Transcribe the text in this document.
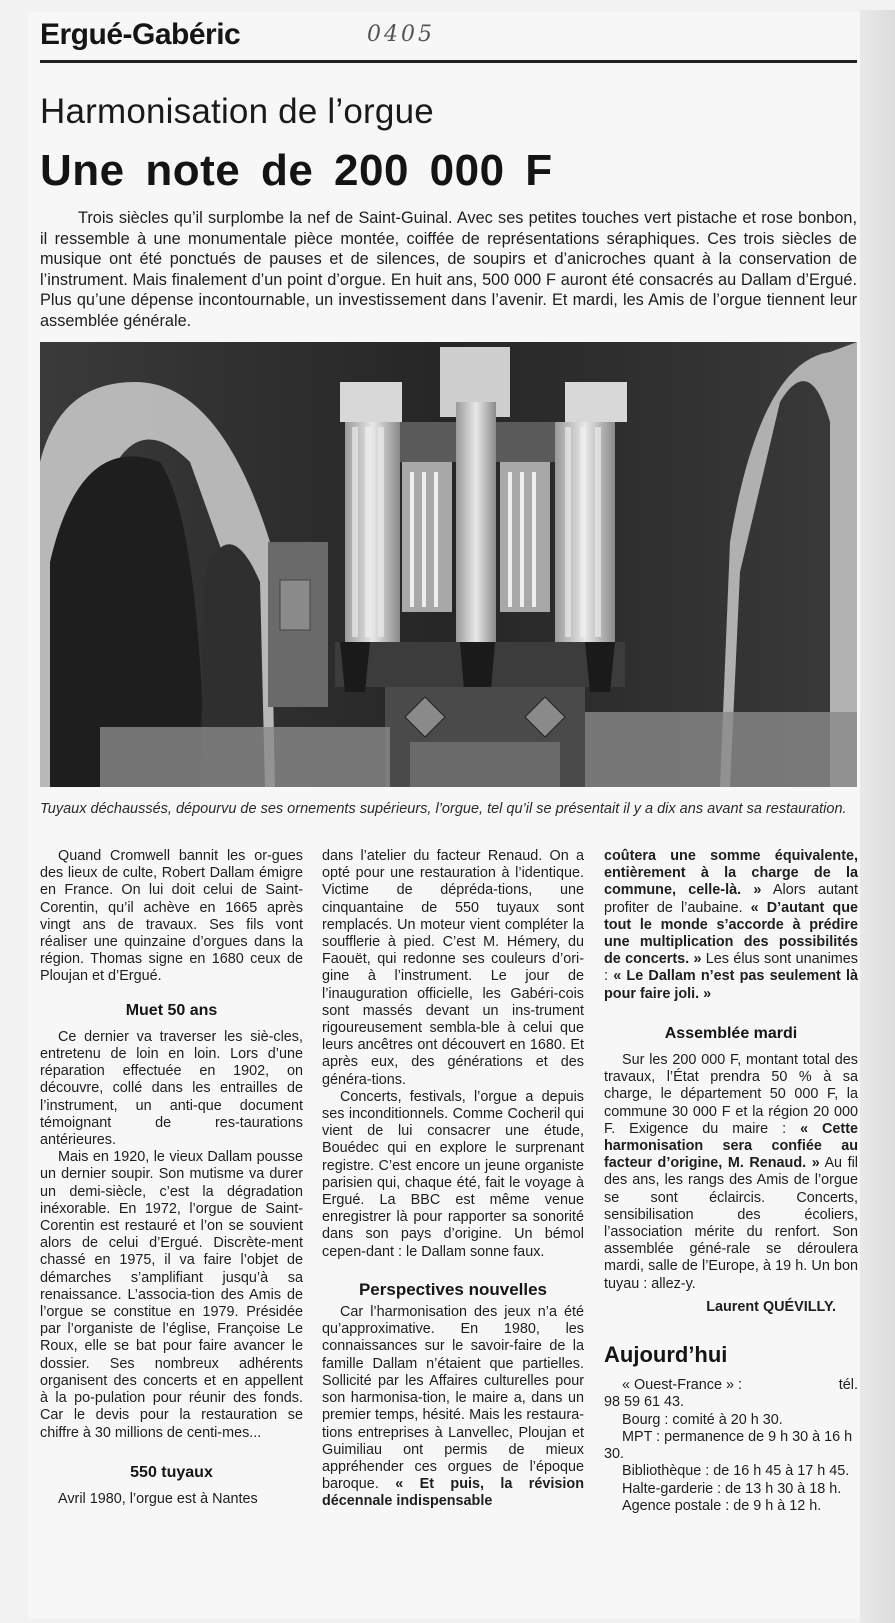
Ergué-Gabéric	0405
Harmonisation de l’orgue
Une note de 200 000 F

Trois siècles qu’il surplombe la nef de Saint-Guinal. Avec ses petites touches vert pistache et rose bonbon, il ressemble à une monumentale pièce montée, coiffée de représentations séraphiques. Ces trois siècles de musique ont été ponctués de pauses et de silences, de soupirs et d’anicroches quant à la conservation de l’instrument. Mais finalement d’un point d’orgue. En huit ans, 500 000 F auront été consacrés au Dallam d’Ergué. Plus qu’une dépense incontournable, un investissement dans l’avenir. Et mardi, les Amis de l’orgue tiennent leur assemblée générale.

Tuyaux déchaussés, dépourvu de ses ornements supérieurs, l’orgue, tel qu’il se présentait il y a dix ans avant sa restauration.

Quand Cromwell bannit les or-gues des lieux de culte, Robert Dallam émigre en France. On lui doit celui de Saint-Corentin, qu’il achève en 1665 après vingt ans de travaux. Ses fils vont réaliser une quinzaine d’orgues dans la région. Thomas signe en 1680 ceux de Ploujan et d’Ergué.

Muet 50 ans

Ce dernier va traverser les siè-cles, entretenu de loin en loin. Lors d’une réparation effectuée en 1902, on découvre, collé dans les entrailles de l’instrument, un anti-que document témoignant de res-taurations antérieures.

Mais en 1920, le vieux Dallam pousse un dernier soupir. Son mutisme va durer un demi-siècle, c’est la dégradation inéxorable. En 1972, l’orgue de Saint-Corentin est restauré et l’on se souvient alors de celui d’Ergué. Discrète-ment chassé en 1975, il va faire l’objet de démarches s’amplifiant jusqu’à sa renaissance. L’associa-tion des Amis de l’orgue se constitue en 1979. Présidée par l’organiste de l’église, Françoise Le Roux, elle se bat pour faire avancer le dossier. Ses nombreux adhérents organisent des concerts et en appellent à la po-pulation pour réunir des fonds. Car le devis pour la restauration se chiffre à 30 millions de centi-mes...

550 tuyaux

Avril 1980, l’orgue est à Nantes

dans l’atelier du facteur Renaud. On a opté pour une restauration à l’identique. Victime de dépréda-tions, une cinquantaine de 550 tuyaux sont remplacés. Un moteur vient compléter la soufflerie à pied. C’est M. Hémery, du Faouët, qui redonne ses couleurs d’ori-gine à l’instrument. Le jour de l’inauguration officielle, les Gabéri-cois sont massés devant un ins-trument rigoureusement sembla-ble à celui que leurs ancêtres ont découvert en 1680. Et après eux, des générations et des généra-tions.

Concerts, festivals, l’orgue a depuis ses inconditionnels. Comme Cocheril qui vient de lui consacrer une étude, Bouédec qui en explore le surprenant registre. C’est encore un jeune organiste parisien qui, chaque été, fait le voyage à Ergué. La BBC est même venue enregistrer là pour rapporter sa sonorité dans son pays d’origine. Un bémol cepen-dant : le Dallam sonne faux.

Perspectives nouvelles

Car l’harmonisation des jeux n’a été qu’approximative. En 1980, les connaissances sur le savoir-faire de la famille Dallam n’étaient que partielles. Sollicité par les Affaires culturelles pour son harmonisa-tion, le maire a, dans un premier temps, hésité. Mais les restaura-tions entreprises à Lanvellec, Ploujan et Guimiliau ont permis de mieux appréhender ces orgues de l’époque baroque. « Et puis, la révision décennale indispensable

coûtera une somme équivalente, entièrement à la charge de la commune, celle-là. » Alors autant profiter de l’aubaine. « D’autant que tout le monde s’accorde à prédire une multiplication des possibilités de concerts. » Les élus sont unanimes : « Le Dallam n’est pas seulement là pour faire joli. »

Assemblée mardi

Sur les 200 000 F, montant total des travaux, l’État prendra 50 % à sa charge, le département 50 000 F, la commune 30 000 F et la région 20 000 F. Exigence du maire : « Cette harmonisation sera confiée au facteur d’origine, M. Renaud. » Au fil des ans, les rangs des Amis de l’orgue se sont éclaircis. Concerts, sensibilisation des écoliers, l’association mérite du renfort. Son assemblée géné-rale se déroulera mardi, salle de l’Europe, à 19 h. Un bon tuyau : allez-y.

Laurent QUÉVILLY.
Aujourd’hui

« Ouest-France » :	tél.

98 59 61 43.

Bourg : comité à 20 h 30.

MPT : permanence de 9 h 30 à 16 h 30.

Bibliothèque : de 16 h 45 à 17 h 45.

Halte-garderie : de 13 h 30 à 18 h.

Agence postale : de 9 h à 12 h.
